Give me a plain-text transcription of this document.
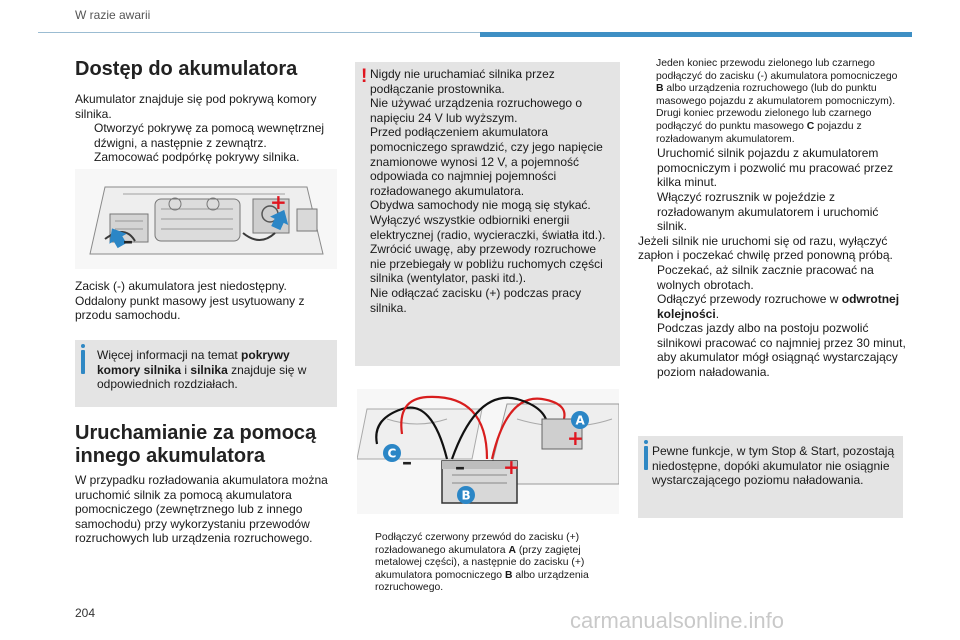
W razie awarii
Dostęp do akumulatora
Akumulator znajduje się pod pokrywą komory silnika.
Otworzyć pokrywę za pomocą wewnętrznej dźwigni, a następnie z zewnątrz.
Zamocować podpórkę pokrywy silnika.
–
+
Zacisk (-) akumulatora jest niedostępny.
Oddalony punkt masowy jest usytuowany z przodu samochodu.
Więcej informacji na temat pokrywy komory silnika i silnika znajduje się w odpowiednich rozdziałach.
Uruchamianie za pomocą innego akumulatora
W przypadku rozładowania akumulatora można uruchomić silnik za pomocą akumulatora pomocniczego (zewnętrznego lub z innego samochodu) przy wykorzystaniu przewodów rozruchowych lub urządzenia rozruchowego.
! Nigdy nie uruchamiać silnika przez podłączanie prostownika.
Nie używać urządzenia rozruchowego o napięciu 24 V lub wyższym.
Przed podłączeniem akumulatora pomocniczego sprawdzić, czy jego napięcie znamionowe wynosi 12 V, a pojemność odpowiada co najmniej pojemności rozładowanego akumulatora.
Obydwa samochody nie mogą się stykać.
Wyłączyć wszystkie odbiorniki energii elektrycznej (radio, wycieraczki, światła itd.).
Zwrócić uwagę, aby przewody rozruchowe nie przebiegały w pobliżu ruchomych części silnika (wentylator, paski itd.).
Nie odłączać zacisku (+) podczas pracy silnika.
A
C
B
+
+
– –
Podłączyć czerwony przewód do zacisku (+) rozładowanego akumulatora A (przy zagiętej metalowej części), a następnie do zacisku (+) akumulatora pomocniczego B albo urządzenia rozruchowego.
Jeden koniec przewodu zielonego lub czarnego podłączyć do zacisku (-) akumulatora pomocniczego B albo urządzenia rozruchowego (lub do punktu masowego pojazdu z akumulatorem pomocniczym).
Drugi koniec przewodu zielonego lub czarnego podłączyć do punktu masowego C pojazdu z rozładowanym akumulatorem.
Uruchomić silnik pojazdu z akumulatorem pomocniczym i pozwolić mu pracować przez kilka minut.
Włączyć rozrusznik w pojeździe z rozładowanym akumulatorem i uruchomić silnik.
Jeżeli silnik nie uruchomi się od razu, wyłączyć zapłon i poczekać chwilę przed ponowną próbą.
Poczekać, aż silnik zacznie pracować na wolnych obrotach.
Odłączyć przewody rozruchowe w odwrotnej kolejności.
Podczas jazdy albo na postoju pozwolić silnikowi pracować co najmniej przez 30 minut, aby akumulator mógł osiągnąć wystarczający poziom naładowania.
Pewne funkcje, w tym Stop & Start, pozostają niedostępne, dopóki akumulator nie osiągnie wystarczającego poziomu naładowania.
204	carmanualsonline.info
